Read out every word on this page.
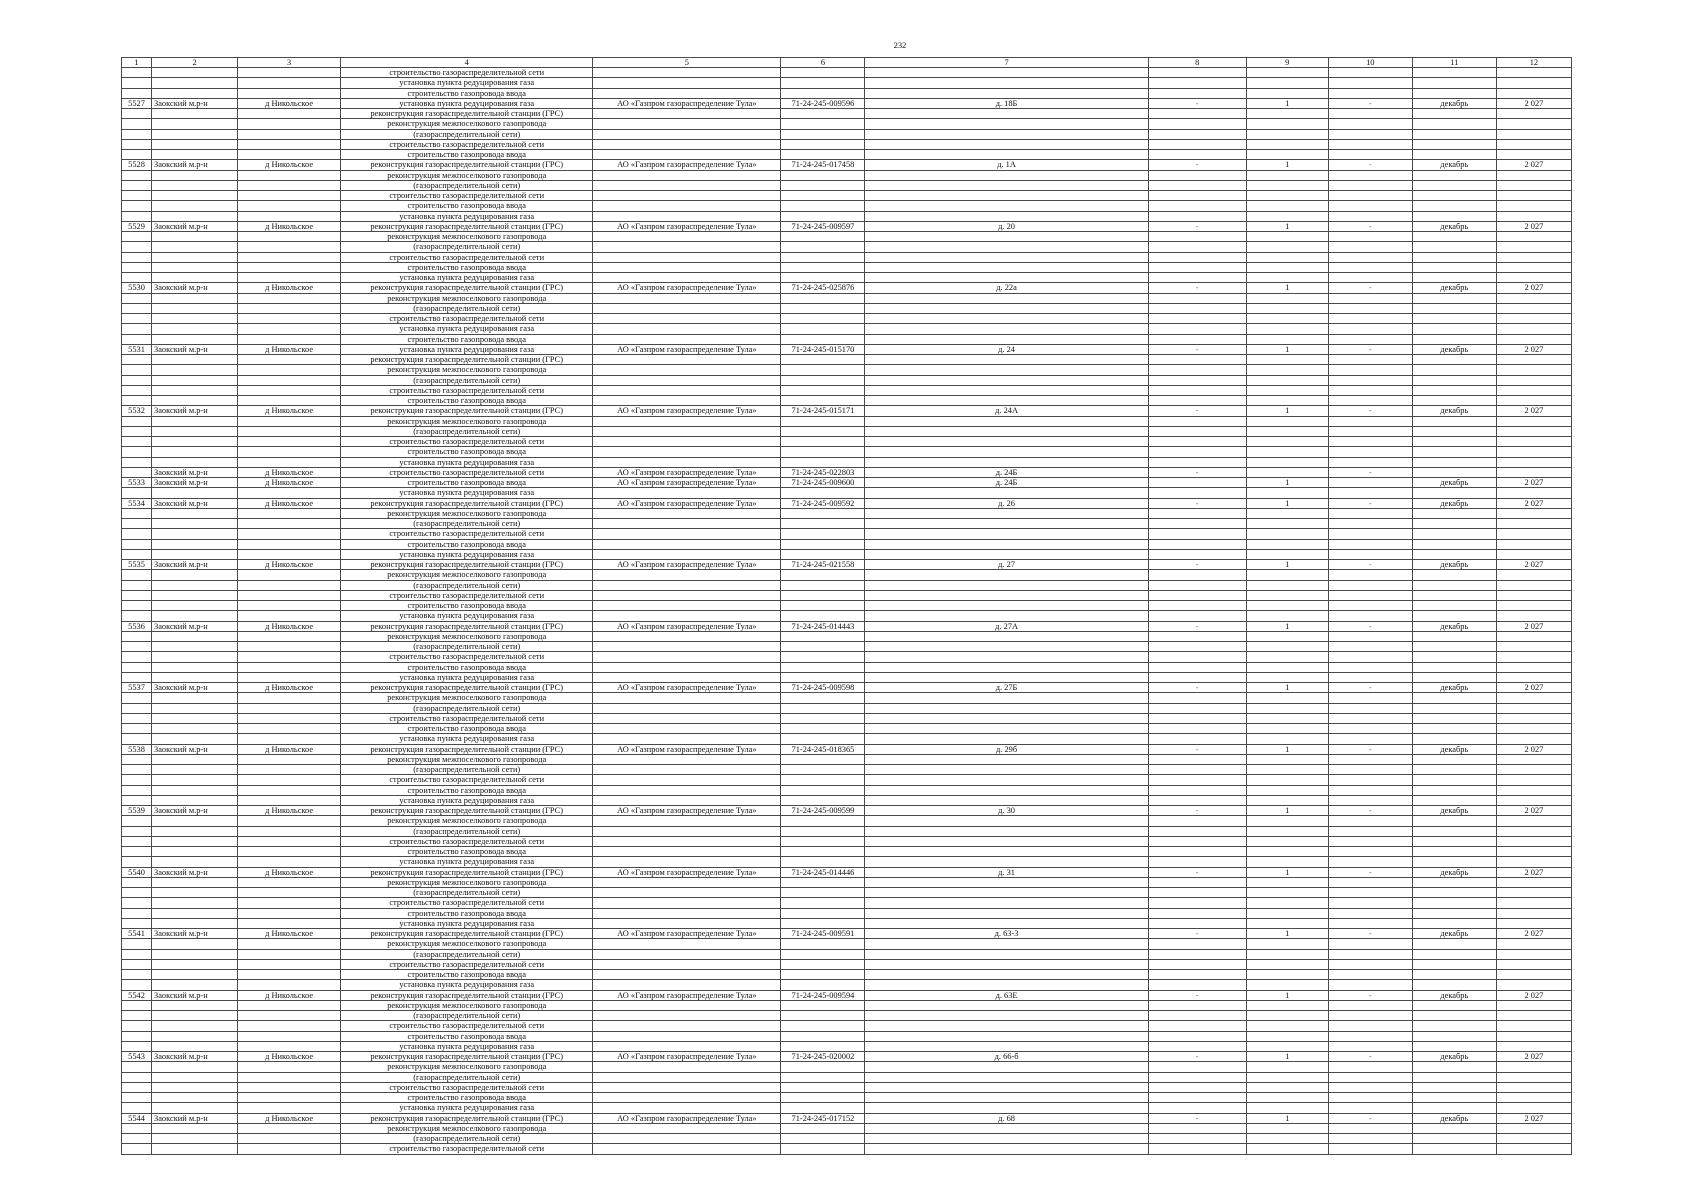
232
1	2	3	4	5	6	7	8	9	10	11	12
			строительство газораспределительной сети								
			установка пункта редуцирования газа								
			строительство газопровода ввода								
5527	Заокский м.р-н	д Никольское	установка пункта редуцирования газа	АО «Газпром газораспределение Тула»	71-24-245-009596	д. 18Б	-	1	-	декабрь	2 027
			реконструкция газораспределительной станции (ГРС)								
			реконструкция межпоселкового газопровода								
			(газораспределительной сети)								
			строительство газораспределительной сети								
			строительство газопровода ввода								
5528	Заокский м.р-н	д Никольское	реконструкция газораспределительной станции (ГРС)	АО «Газпром газораспределение Тула»	71-24-245-017458	д. 1А	-	1	-	декабрь	2 027
			реконструкция межпоселкового газопровода								
			(газораспределительной сети)								
			строительство газораспределительной сети								
			строительство газопровода ввода								
			установка пункта редуцирования газа								
5529	Заокский м.р-н	д Никольское	реконструкция газораспределительной станции (ГРС)	АО «Газпром газораспределение Тула»	71-24-245-009597	д. 20	-	1	-	декабрь	2 027
			реконструкция межпоселкового газопровода								
			(газораспределительной сети)								
			строительство газораспределительной сети								
			строительство газопровода ввода								
			установка пункта редуцирования газа								
5530	Заокский м.р-н	д Никольское	реконструкция газораспределительной станции (ГРС)	АО «Газпром газораспределение Тула»	71-24-245-025876	д. 22а	-	1	-	декабрь	2 027
			реконструкция межпоселкового газопровода								
			(газораспределительной сети)								
			строительство газораспределительной сети								
			установка пункта редуцирования газа								
			строительство газопровода ввода								
5531	Заокский м.р-н	д Никольское	установка пункта редуцирования газа	АО «Газпром газораспределение Тула»	71-24-245-015170	д. 24	-	1	-	декабрь	2 027
			реконструкция газораспределительной станции (ГРС)								
			реконструкция межпоселкового газопровода								
			(газораспределительной сети)								
			строительство газораспределительной сети								
			строительство газопровода ввода								
5532	Заокский м.р-н	д Никольское	реконструкция газораспределительной станции (ГРС)	АО «Газпром газораспределение Тула»	71-24-245-015171	д. 24А	-	1	-	декабрь	2 027
			реконструкция межпоселкового газопровода								
			(газораспределительной сети)								
			строительство газораспределительной сети								
			строительство газопровода ввода								
			установка пункта редуцирования газа								
	Заокский м.р-н	д Никольское	строительство газораспределительной сети	АО «Газпром газораспределение Тула»	71-24-245-022803	д. 24Б	-		-		
5533	Заокский м.р-н	д Никольское	строительство газопровода ввода	АО «Газпром газораспределение Тула»	71-24-245-009600	д. 24Б		1		декабрь	2 027
			установка пункта редуцирования газа								
5534	Заокский м.р-н	д Никольское	реконструкция газораспределительной станции (ГРС)	АО «Газпром газораспределение Тула»	71-24-245-009592	д. 26	-	1	-	декабрь	2 027
			реконструкция межпоселкового газопровода								
			(газораспределительной сети)								
			строительство газораспределительной сети								
			строительство газопровода ввода								
			установка пункта редуцирования газа								
5535	Заокский м.р-н	д Никольское	реконструкция газораспределительной станции (ГРС)	АО «Газпром газораспределение Тула»	71-24-245-021558	д. 27	-	1	-	декабрь	2 027
			реконструкция межпоселкового газопровода								
			(газораспределительной сети)								
			строительство газораспределительной сети								
			строительство газопровода ввода								
			установка пункта редуцирования газа								
5536	Заокский м.р-н	д Никольское	реконструкция газораспределительной станции (ГРС)	АО «Газпром газораспределение Тула»	71-24-245-014443	д. 27А	-	1	-	декабрь	2 027
			реконструкция межпоселкового газопровода								
			(газораспределительной сети)								
			строительство газораспределительной сети								
			строительство газопровода ввода								
			установка пункта редуцирования газа								
5537	Заокский м.р-н	д Никольское	реконструкция газораспределительной станции (ГРС)	АО «Газпром газораспределение Тула»	71-24-245-009598	д. 27Б	-	1	-	декабрь	2 027
			реконструкция межпоселкового газопровода								
			(газораспределительной сети)								
			строительство газораспределительной сети								
			строительство газопровода ввода								
			установка пункта редуцирования газа								
5538	Заокский м.р-н	д Никольское	реконструкция газораспределительной станции (ГРС)	АО «Газпром газораспределение Тула»	71-24-245-018365	д. 29б	-	1	-	декабрь	2 027
			реконструкция межпоселкового газопровода								
			(газораспределительной сети)								
			строительство газораспределительной сети								
			строительство газопровода ввода								
			установка пункта редуцирования газа								
5539	Заокский м.р-н	д Никольское	реконструкция газораспределительной станции (ГРС)	АО «Газпром газораспределение Тула»	71-24-245-009599	д. 30	-	1	-	декабрь	2 027
			реконструкция межпоселкового газопровода								
			(газораспределительной сети)								
			строительство газораспределительной сети								
			строительство газопровода ввода								
			установка пункта редуцирования газа								
5540	Заокский м.р-н	д Никольское	реконструкция газораспределительной станции (ГРС)	АО «Газпром газораспределение Тула»	71-24-245-014446	д. 31	-	1	-	декабрь	2 027
			реконструкция межпоселкового газопровода								
			(газораспределительной сети)								
			строительство газораспределительной сети								
			строительство газопровода ввода								
			установка пункта редуцирования газа								
5541	Заокский м.р-н	д Никольское	реконструкция газораспределительной станции (ГРС)	АО «Газпром газораспределение Тула»	71-24-245-009591	д. 63-3	-	1	-	декабрь	2 027
			реконструкция межпоселкового газопровода								
			(газораспределительной сети)								
			строительство газораспределительной сети								
			строительство газопровода ввода								
			установка пункта редуцирования газа								
5542	Заокский м.р-н	д Никольское	реконструкция газораспределительной станции (ГРС)	АО «Газпром газораспределение Тула»	71-24-245-009594	д. 63Е	-	1	-	декабрь	2 027
			реконструкция межпоселкового газопровода								
			(газораспределительной сети)								
			строительство газораспределительной сети								
			строительство газопровода ввода								
			установка пункта редуцирования газа								
5543	Заокский м.р-н	д Никольское	реконструкция газораспределительной станции (ГРС)	АО «Газпром газораспределение Тула»	71-24-245-020002	д. 66-б	-	1	-	декабрь	2 027
			реконструкция межпоселкового газопровода								
			(газораспределительной сети)								
			строительство газораспределительной сети								
			строительство газопровода ввода								
			установка пункта редуцирования газа								
5544	Заокский м.р-н	д Никольское	реконструкция газораспределительной станции (ГРС)	АО «Газпром газораспределение Тула»	71-24-245-017152	д. 68	-	1	-	декабрь	2 027
			реконструкция межпоселкового газопровода								
			(газораспределительной сети)								
			строительство газораспределительной сети								
